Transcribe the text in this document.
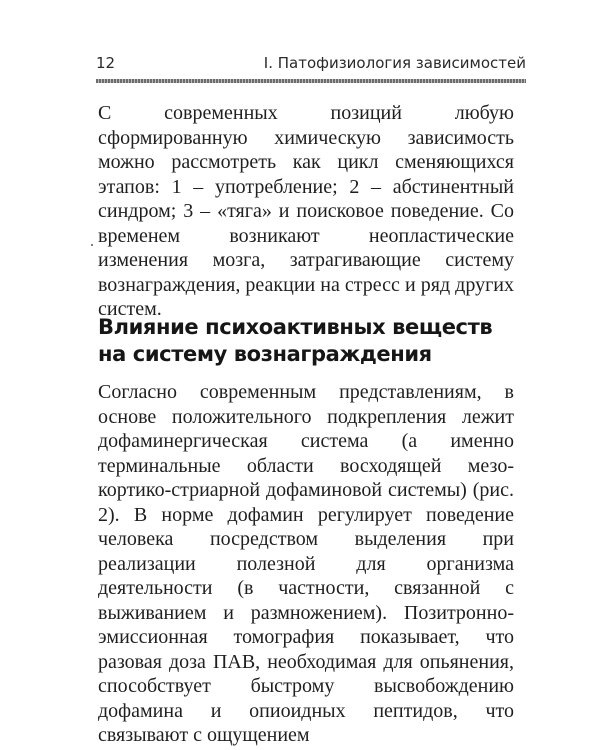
12	I. Патофизиология зависимостей

С современных позиций любую сформированную химическую зависимость можно рассмотреть как цикл сменяющихся этапов: 1 – употребление; 2 – абстинентный синдром; 3 – «тяга» и поисковое поведение. Со временем возникают неопластические изменения мозга, затрагивающие систему вознаграждения, реакции на стресс и ряд других систем.

Влияние психоактивных веществ
на систему вознаграждения

Согласно современным представлениям, в основе положительного подкрепления лежит дофаминергическая система (а именно терминальные области восходящей мезо-кортико-стриарной дофаминовой системы) (рис. 2). В норме дофамин регулирует поведение человека посредством выделения при реализации полезной для организма деятельности (в частности, связанной с выживанием и размножением). Позитронно-эмиссионная томография показывает, что разовая доза ПАВ, необходимая для опьянения, способствует быстрому высвобождению дофамина и опиоидных пептидов, что связывают с ощущением
